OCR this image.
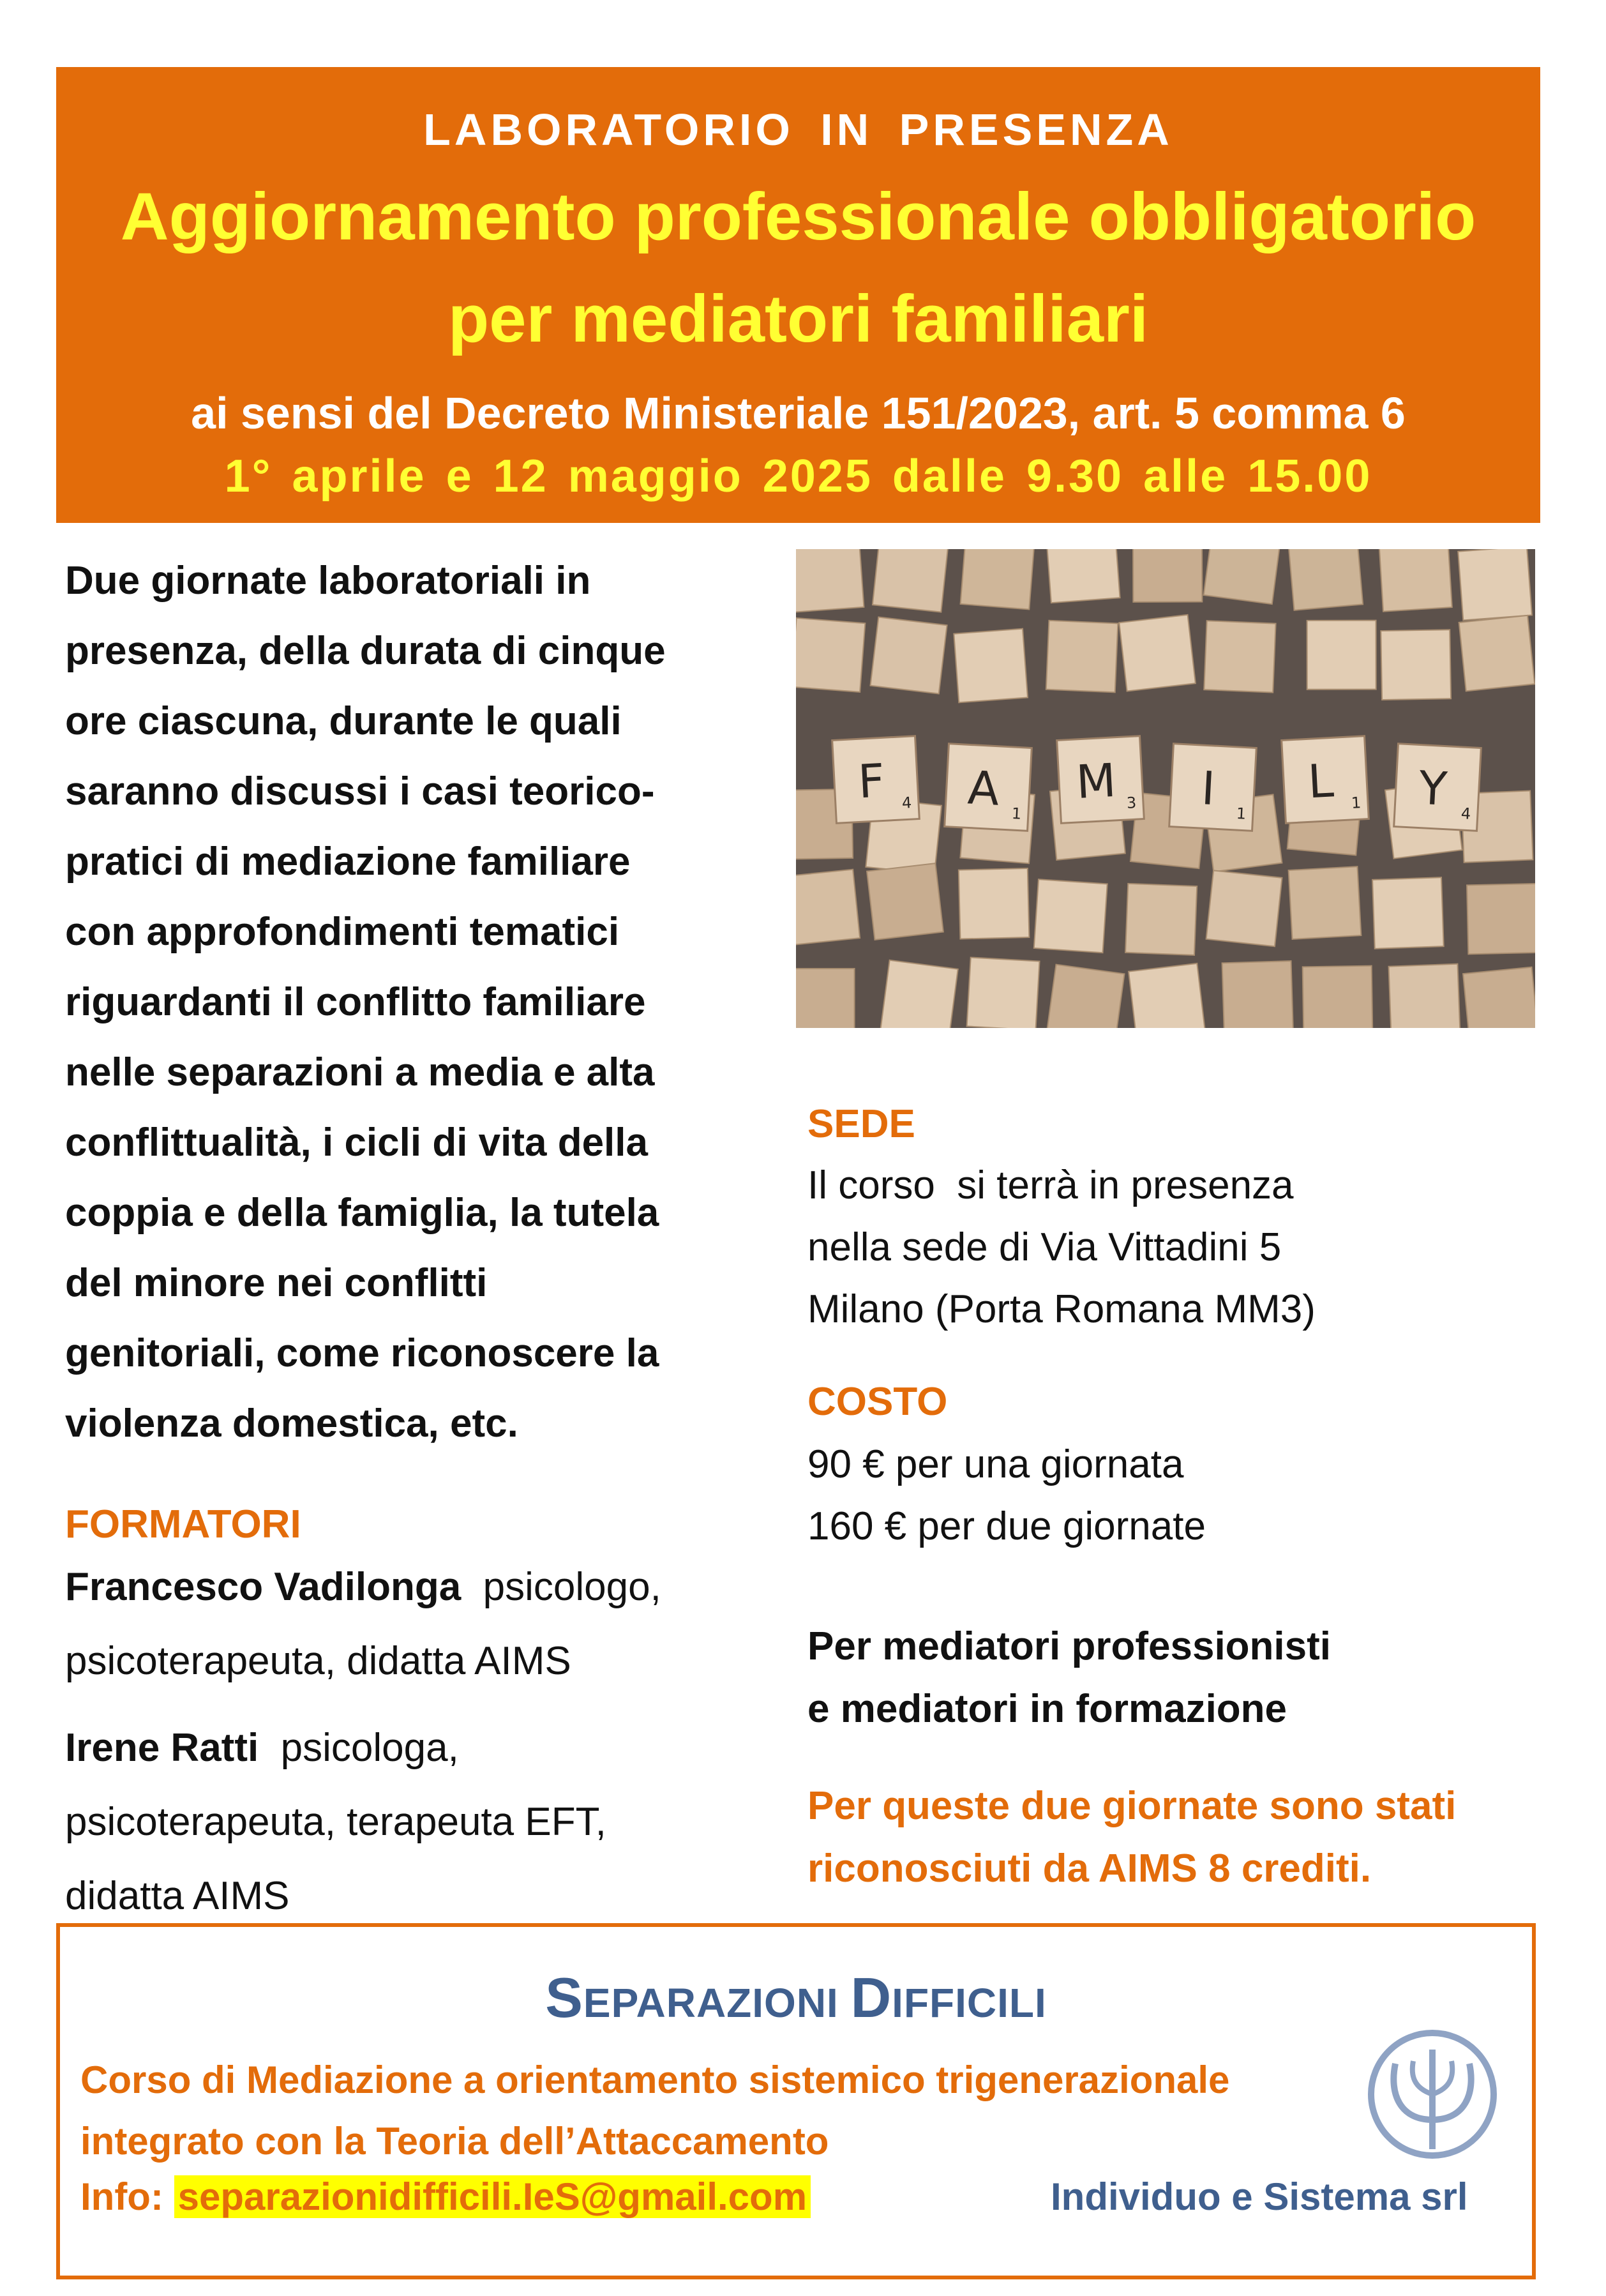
LABORATORIO IN PRESENZA
Aggiornamento professionale obbligatorio
per mediatori familiari
ai sensi del Decreto Ministeriale 151/2023, art. 5 comma 6
1° aprile e 12 maggio 2025 dalle 9.30 alle 15.00
Due giornate laboratoriali in
presenza, della durata di cinque
ore ciascuna, durante le quali
saranno discussi i casi teorico-
pratici di mediazione familiare
con approfondimenti tematici
riguardanti il conflitto familiare
nelle separazioni a media e alta
conflittualità, i cicli di vita della
coppia e della famiglia, la tutela
del minore nei conflitti
genitoriali, come riconoscere la
violenza domestica, etc.
F 4 A 1
M 3 I 1
L 1 Y 4
FORMATORI
Francesco Vadilonga  psicologo,
psicoterapeuta, didatta AIMS
Irene Ratti  psicologa,
psicoterapeuta, terapeuta EFT,
didatta AIMS
SEDE
Il corso  si terrà in presenza
nella sede di Via Vittadini 5
Milano (Porta Romana MM3)
COSTO
90 € per una giornata
160 € per due giornate
Per mediatori professionisti
e mediatori in formazione
Per queste due giornate sono stati
riconosciuti da AIMS 8 crediti.
SEPARAZIONI DIFFICILI
Corso di Mediazione a orientamento sistemico trigenerazionale
integrato con la Teoria dell’Attaccamento
Info: separazionidifficili.IeS@gmail.com	Individuo e Sistema srl
